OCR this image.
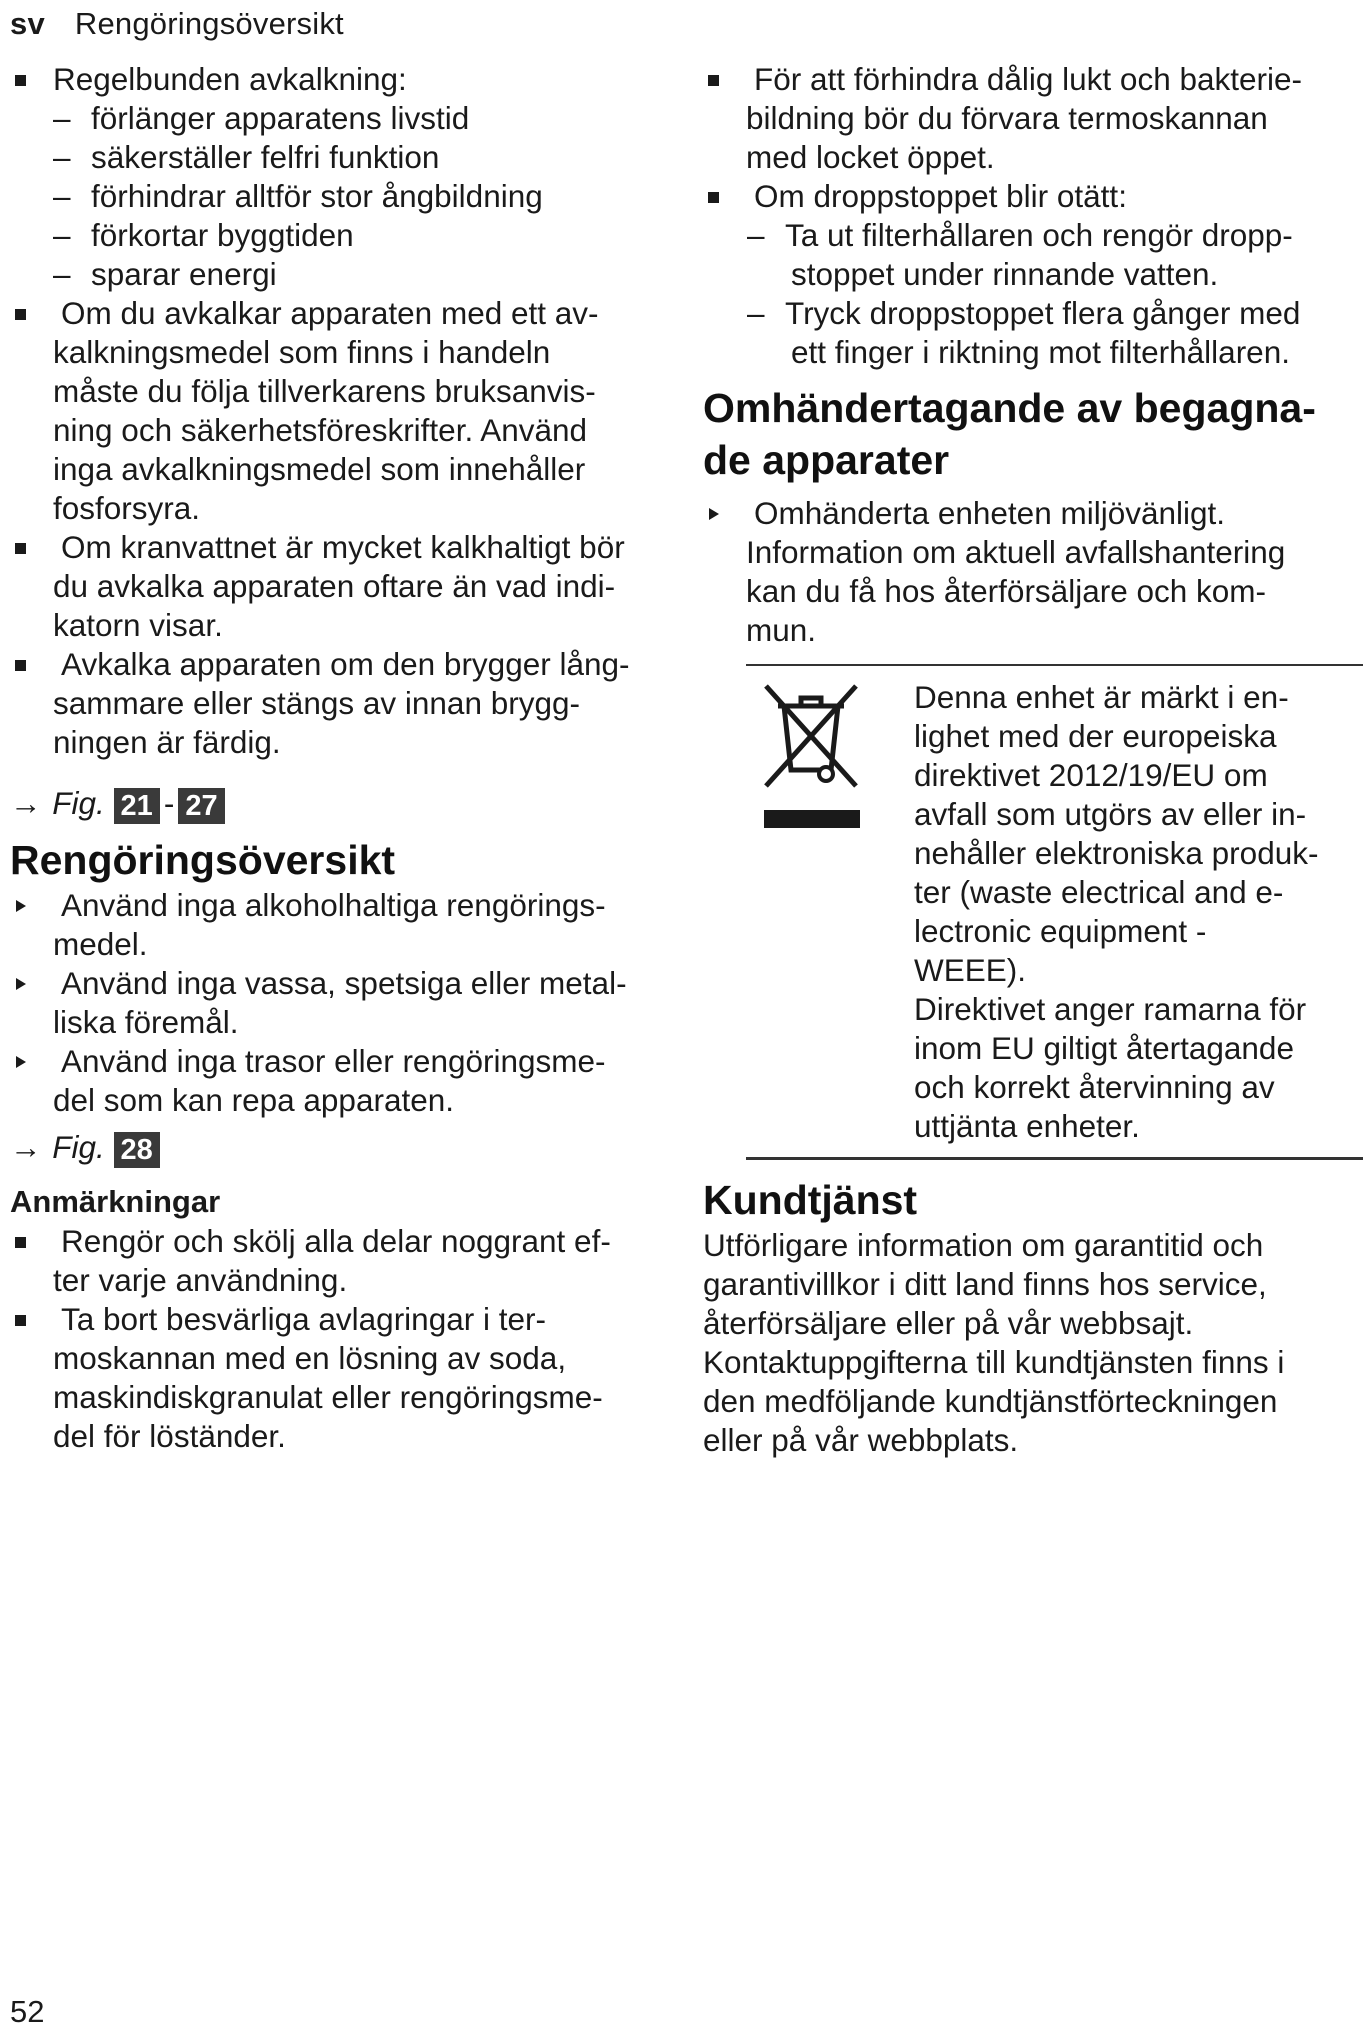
sv Rengöringsöversikt
Regelbunden avkalkning:
– förlänger apparatens livstid
– säkerställer felfri funktion
– förhindrar alltför stor ångbildning
– förkortar byggtiden
– sparar energi
Om du avkalkar apparaten med ett av-
kalkningsmedel som finns i handeln
måste du följa tillverkarens bruksanvis-
ning och säkerhetsföreskrifter. Använd
inga avkalkningsmedel som innehåller
fosforsyra.
Om kranvattnet är mycket kalkhaltigt bör
du avkalka apparaten oftare än vad indi-
katorn visar.
Avkalka apparaten om den brygger lång-
sammare eller stängs av innan brygg-
ningen är färdig.
→ Fig. 21 - 27
Rengöringsöversikt
Använd inga alkoholhaltiga rengörings-
medel.
Använd inga vassa, spetsiga eller metal-
liska föremål.
Använd inga trasor eller rengöringsme-
del som kan repa apparaten.
→ Fig. 28
Anmärkningar
Rengör och skölj alla delar noggrant ef-
ter varje användning.
Ta bort besvärliga avlagringar i ter-
moskannan med en lösning av soda,
maskindiskgranulat eller rengöringsme-
del för löständer.
För att förhindra dålig lukt och bakterie-
bildning bör du förvara termoskannan
med locket öppet.
Om droppstoppet blir otätt:
– Ta ut filterhållaren och rengör dropp-
stoppet under rinnande vatten.
– Tryck droppstoppet flera gånger med
ett finger i riktning mot filterhållaren.
Omhändertagande av begagna-
de apparater
Omhänderta enheten miljövänligt.
Information om aktuell avfallshantering
kan du få hos återförsäljare och kom-
mun.
Denna enhet är märkt i en-
lighet med der europeiska
direktivet 2012/19/EU om
avfall som utgörs av eller in-
nehåller elektroniska produk-
ter (waste electrical and e-
lectronic equipment -
WEEE).
Direktivet anger ramarna för
inom EU giltigt återtagande
och korrekt återvinning av
uttjänta enheter.
Kundtjänst
Utförligare information om garantitid och
garantivillkor i ditt land finns hos service,
återförsäljare eller på vår webbsajt.
Kontaktuppgifterna till kundtjänsten finns i
den medföljande kundtjänstförteckningen
eller på vår webbplats.
52
